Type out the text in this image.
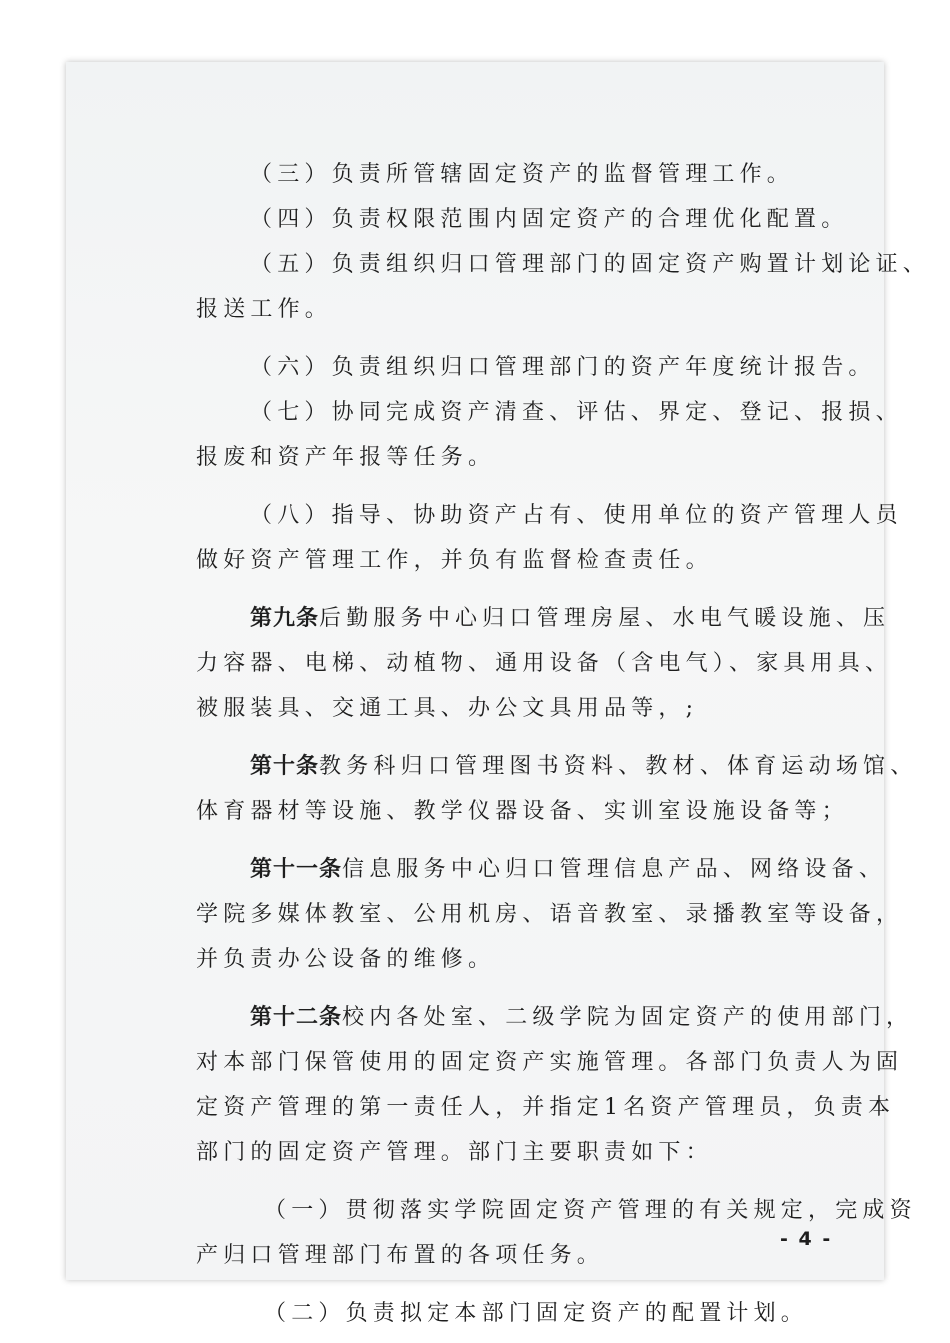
（三）负责所管辖固定资产的监督管理工作。
（四）负责权限范围内固定资产的合理优化配置。
（五）负责组织归口管理部门的固定资产购置计划论证、
报送工作。
（六）负责组织归口管理部门的资产年度统计报告。
（七）协同完成资产清查、评估、界定、登记、报损、
报废和资产年报等任务。
（八）指导、协助资产占有、使用单位的资产管理人员
做好资产管理工作，并负有监督检查责任。
第九条后勤服务中心归口管理房屋、水电气暖设施、压
力容器、电梯、动植物、通用设备（含电气）、家具用具、
被服装具、交通工具、办公文具用品等，;
第十条教务科归口管理图书资料、教材、体育运动场馆、
体育器材等设施、教学仪器设备、实训室设施设备等；
第十一条信息服务中心归口管理信息产品、网络设备、
学院多媒体教室、公用机房、语音教室、录播教室等设备，
并负责办公设备的维修。
第十二条校内各处室、二级学院为固定资产的使用部门，
对本部门保管使用的固定资产实施管理。各部门负责人为固
定资产管理的第一责任人，并指定1名资产管理员，负责本
部门的固定资产管理。部门主要职责如下：
（一）贯彻落实学院固定资产管理的有关规定，完成资
产归口管理部门布置的各项任务。
（二）负责拟定本部门固定资产的配置计划。
- 4 -
